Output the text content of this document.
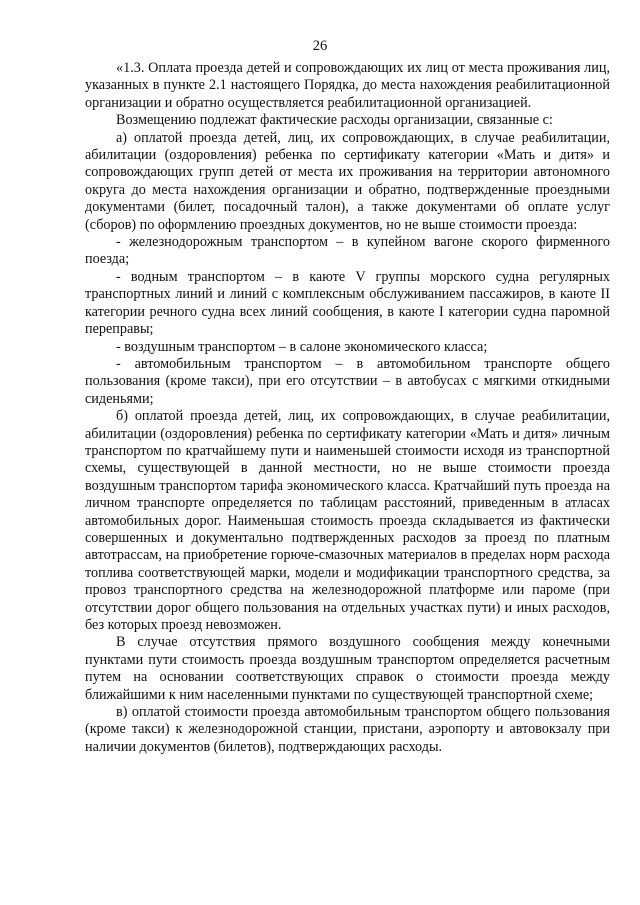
26

«1.3. Оплата проезда детей и сопровождающих их лиц от места проживания лиц, указанных в пункте 2.1 настоящего Порядка, до места нахождения реабилитационной организации и обратно осуществляется реабилитационной организацией.

Возмещению подлежат фактические расходы организации, связанные с:

а) оплатой проезда детей, лиц, их сопровождающих, в случае реабилитации, абилитации (оздоровления) ребенка по сертификату категории «Мать и дитя» и сопровождающих групп детей от места их проживания на территории автономного округа до места нахождения организации и обратно, подтвержденные проездными документами (билет, посадочный талон), а также документами об оплате услуг (сборов) по оформлению проездных документов, но не выше стоимости проезда:

- железнодорожным транспортом – в купейном вагоне скорого фирменного поезда;

- водным транспортом – в каюте V группы морского судна регулярных транспортных линий и линий с комплексным обслуживанием пассажиров, в каюте II категории речного судна всех линий сообщения, в каюте I категории судна паромной переправы;

- воздушным транспортом – в салоне экономического класса;

- автомобильным транспортом – в автомобильном транспорте общего пользования (кроме такси), при его отсутствии – в автобусах с мягкими откидными сиденьями;

б) оплатой проезда детей, лиц, их сопровождающих, в случае реабилитации, абилитации (оздоровления) ребенка по сертификату категории «Мать и дитя» личным транспортом по кратчайшему пути и наименьшей стоимости исходя из транспортной схемы, существующей в данной местности, но не выше стоимости проезда воздушным транспортом тарифа экономического класса. Кратчайший путь проезда на личном транспорте определяется по таблицам расстояний, приведенным в атласах автомобильных дорог. Наименьшая стоимость проезда складывается из фактически совершенных и документально подтвержденных расходов за проезд по платным автотрассам, на приобретение горюче-смазочных материалов в пределах норм расхода топлива соответствующей марки, модели и модификации транспортного средства, за провоз транспортного средства на железнодорожной платформе или пароме (при отсутствии дорог общего пользования на отдельных участках пути) и иных расходов, без которых проезд невозможен.

В случае отсутствия прямого воздушного сообщения между конечными пунктами пути стоимость проезда воздушным транспортом определяется расчетным путем на основании соответствующих справок о стоимости проезда между ближайшими к ним населенными пунктами по существующей транспортной схеме;

в) оплатой стоимости проезда автомобильным транспортом общего пользования (кроме такси) к железнодорожной станции, пристани, аэропорту и автовокзалу при наличии документов (билетов), подтверждающих расходы.
